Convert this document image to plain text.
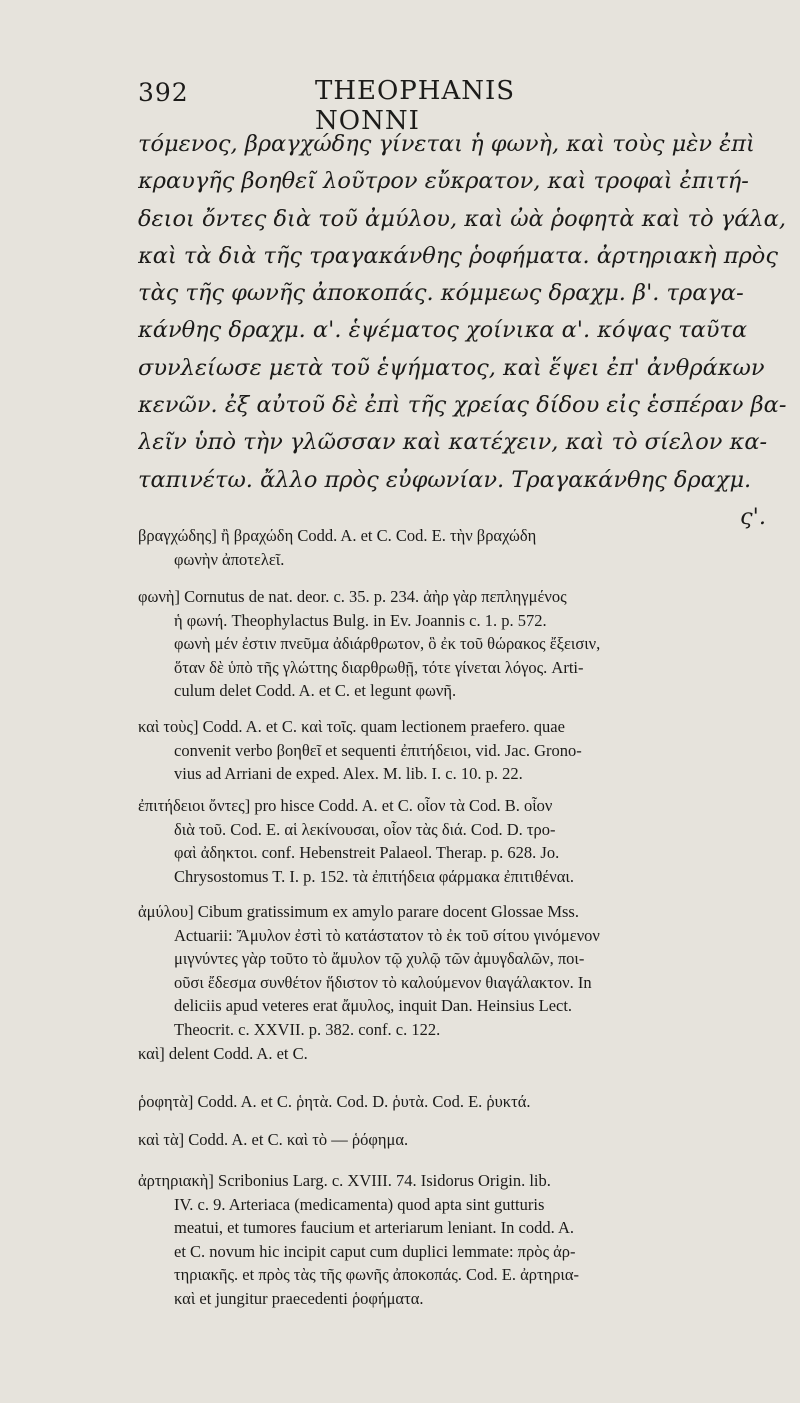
392	THEOPHANIS NONNI
τόμενος, βραγχώδης γίνεται ἡ φωνὴ, καὶ τοὺς μὲν ἐπὶ
κραυγῆς βοηθεῖ λοῦτρον εὔκρατον, καὶ τροφαὶ ἐπιτή-
δειοι ὄντες διὰ τοῦ ἀμύλου, καὶ ὠὰ ῥοφητὰ καὶ τὸ γάλα,
καὶ τὰ διὰ τῆς τραγακάνθης ῥοφήματα. ἀρτηριακὴ πρὸς
τὰς τῆς φωνῆς ἀποκοπάς. κόμμεως δραχμ. β'. τραγα-
κάνθης δραχμ. α'. ἑψέματος χοίνικα α'. κόψας ταῦτα
συνλείωσε μετὰ τοῦ ἑψήματος, καὶ ἕψει ἐπ' ἀνθράκων
κενῶν. ἐξ αὐτοῦ δὲ ἐπὶ τῆς χρείας δίδου εἰς ἑσπέραν βα-
λεῖν ὑπὸ τὴν γλῶσσαν καὶ κατέχειν, καὶ τὸ σίελον κα-
ταπινέτω. ἄλλο πρὸς εὐφωνίαν. Τραγακάνθης δραχμ.
ς'.
βραγχώδης] ἢ βραχώδη Codd. A. et C. Cod. E. τὴν βραχώδη
φωνὴν ἀποτελεῖ.
φωνὴ] Cornutus de nat. deor. c. 35. p. 234. ἀὴρ γὰρ πεπληγμένος
ἡ φωνή. Theophylactus Bulg. in Ev. Joannis c. 1. p. 572.
φωνὴ μέν ἐστιν πνεῦμα ἀδιάρθρωτον, ὃ ἐκ τοῦ θώρακος ἔξεισιν,
ὅταν δὲ ὑπὸ τῆς γλώττης διαρθρωθῇ, τότε γίνεται λόγος. Arti-
culum delet Codd. A. et C. et legunt φωνῆ.
καὶ τοὺς] Codd. A. et C. καὶ τοῖς. quam lectionem praefero. quae
convenit verbo βοηθεῖ et sequenti ἐπιτήδειοι, vid. Jac. Grono-
vius ad Arriani de exped. Alex. M. lib. I. c. 10. p. 22.
ἐπιτήδειοι ὄντες] pro hisce Codd. A. et C. οἷον τὰ Cod. B. οἷον
διὰ τοῦ. Cod. E. αἱ λεκίνουσαι, οἷον τὰς διά. Cod. D. τρο-
φαὶ ἀδηκτοι. conf. Hebenstreit Palaeol. Therap. p. 628. Jo.
Chrysostomus T. I. p. 152. τὰ ἐπιτήδεια φάρμακα ἐπιτιθέναι.
ἀμύλου] Cibum gratissimum ex amylo parare docent Glossae Mss.
Actuarii: Ἄμυλον ἐστὶ τὸ κατάστατον τὸ ἐκ τοῦ σίτου γινόμενον
μιγνύντες γὰρ τοῦτο τὸ ἄμυλον τῷ χυλῷ τῶν ἀμυγδαλῶν, ποι-
οῦσι ἔδεσμα συνθέτον ἥδιστον τὸ καλούμενον θιαγάλακτον. In
deliciis apud veteres erat ἄμυλος, inquit Dan. Heinsius Lect.
Theocrit. c. XXVII. p. 382. conf. c. 122.
καὶ] delent Codd. A. et C.
ῥοφητὰ] Codd. A. et C. ῥητὰ. Cod. D. ῥυτὰ. Cod. E. ῥυκτά.
καὶ τὰ] Codd. A. et C. καὶ τὸ — ῥόφημα.
ἀρτηριακὴ] Scribonius Larg. c. XVIII. 74. Isidorus Origin. lib.
IV. c. 9. Arteriaca (medicamenta) quod apta sint gutturis
meatui, et tumores faucium et arteriarum leniant. In codd. A.
et C. novum hic incipit caput cum duplici lemmate: πρὸς ἀρ-
τηριακῆς. et πρὸς τὰς τῆς φωνῆς ἀποκοπάς. Cod. E. ἀρτηρια-
καὶ et jungitur praecedenti ῥοφήματα.
